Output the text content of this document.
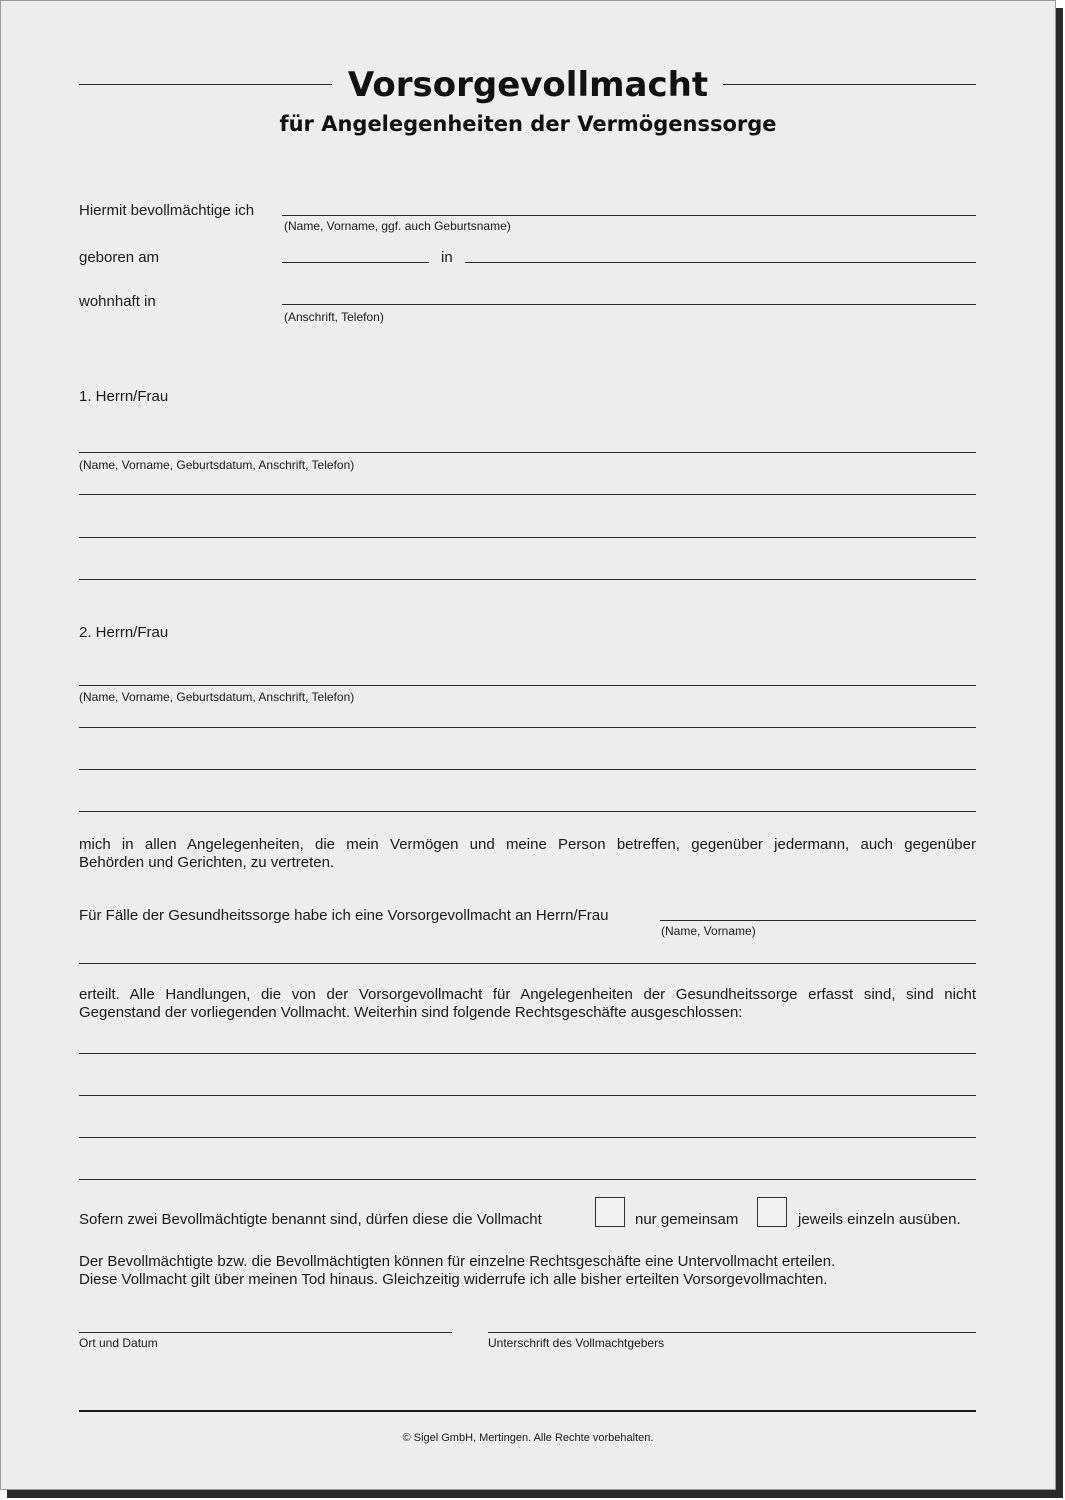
Vorsorgevollmacht
für Angelegenheiten der Vermögenssorge
Hiermit bevollmächtige ich
(Name, Vorname, ggf. auch Geburtsname)
geboren am	in
wohnhaft in
(Anschrift, Telefon)
1. Herrn/Frau
(Name, Vorname, Geburtsdatum, Anschrift, Telefon)
2. Herrn/Frau
(Name, Vorname, Geburtsdatum, Anschrift, Telefon)
mich in allen Angelegenheiten, die mein Vermögen und meine Person betreffen, gegenüber jedermann, auch gegenüber
Behörden und Gerichten, zu vertreten.
Für Fälle der Gesundheitssorge habe ich eine Vorsorgevollmacht an Herrn/Frau
(Name, Vorname)
erteilt. Alle Handlungen, die von der Vorsorgevollmacht für Angelegenheiten der Gesundheitssorge erfasst sind, sind nicht
Gegenstand der vorliegenden Vollmacht. Weiterhin sind folgende Rechtsgeschäfte ausgeschlossen:
Sofern zwei Bevollmächtigte benannt sind, dürfen diese die Vollmacht	nur gemeinsam	jeweils einzeln ausüben.
Der Bevollmächtigte bzw. die Bevollmächtigten können für einzelne Rechtsgeschäfte eine Untervollmacht erteilen.
Diese Vollmacht gilt über meinen Tod hinaus. Gleichzeitig widerrufe ich alle bisher erteilten Vorsorgevollmachten.
Ort und Datum	Unterschrift des Vollmachtgebers
© Sigel GmbH, Mertingen. Alle Rechte vorbehalten.
